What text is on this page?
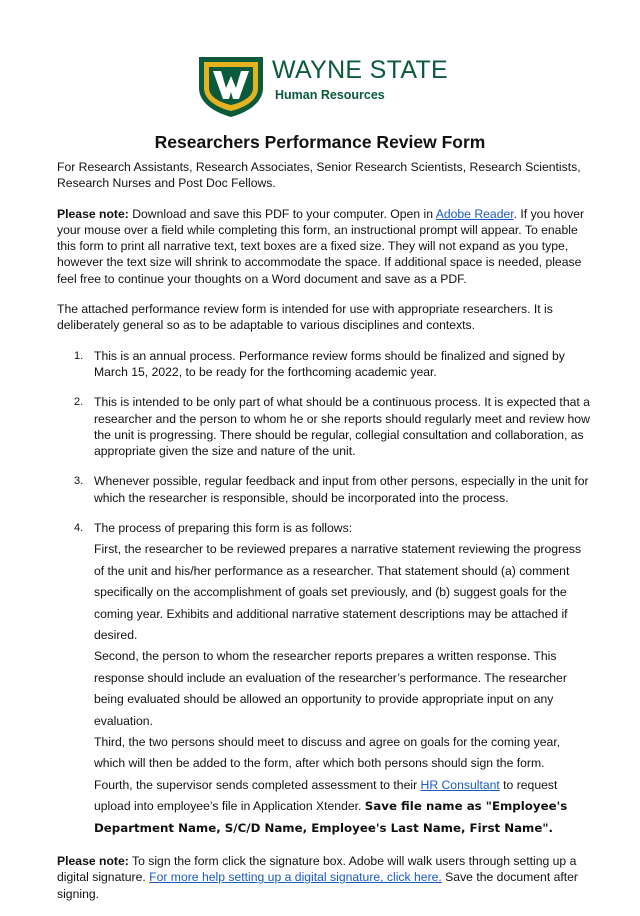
WAYNE STATE
Human Resources
Researchers Performance Review Form

For Research Assistants, Research Associates, Senior Research Scientists, Research Scientists, Research Nurses and Post Doc Fellows.

Please note: Download and save this PDF to your computer. Open in Adobe Reader. If you hover your mouse over a field while completing this form, an instructional prompt will appear. To enable this form to print all narrative text, text boxes are a fixed size. They will not expand as you type, however the text size will shrink to accommodate the space. If additional space is needed, please feel free to continue your thoughts on a Word document and save as a PDF.

The attached performance review form is intended for use with appropriate researchers. It is deliberately general so as to be adaptable to various disciplines and contexts.

1. This is an annual process. Performance review forms should be finalized and signed by March 15, 2022, to be ready for the forthcoming academic year.
2. This is intended to be only part of what should be a continuous process. It is expected that a researcher and the person to whom he or she reports should regularly meet and review how the unit is progressing. There should be regular, collegial consultation and collaboration, as appropriate given the size and nature of the unit.
3. Whenever possible, regular feedback and input from other persons, especially in the unit for which the researcher is responsible, should be incorporated into the process.
4. The process of preparing this form is as follows:
First, the researcher to be reviewed prepares a narrative statement reviewing the progress of the unit and his/her performance as a researcher. That statement should (a) comment specifically on the accomplishment of goals set previously, and (b) suggest goals for the coming year. Exhibits and additional narrative statement descriptions may be attached if desired.
Second, the person to whom the researcher reports prepares a written response. This response should include an evaluation of the researcher’s performance. The researcher being evaluated should be allowed an opportunity to provide appropriate input on any evaluation.
Third, the two persons should meet to discuss and agree on goals for the coming year, which will then be added to the form, after which both persons should sign the form.
Fourth, the supervisor sends completed assessment to their HR Consultant to request upload into employee’s file in Application Xtender. Save file name as "Employee's Department Name, S/C/D Name, Employee's Last Name, First Name".

Please note: To sign the form click the signature box. Adobe will walk users through setting up a digital signature. For more help setting up a digital signature, click here. Save the document after signing.
